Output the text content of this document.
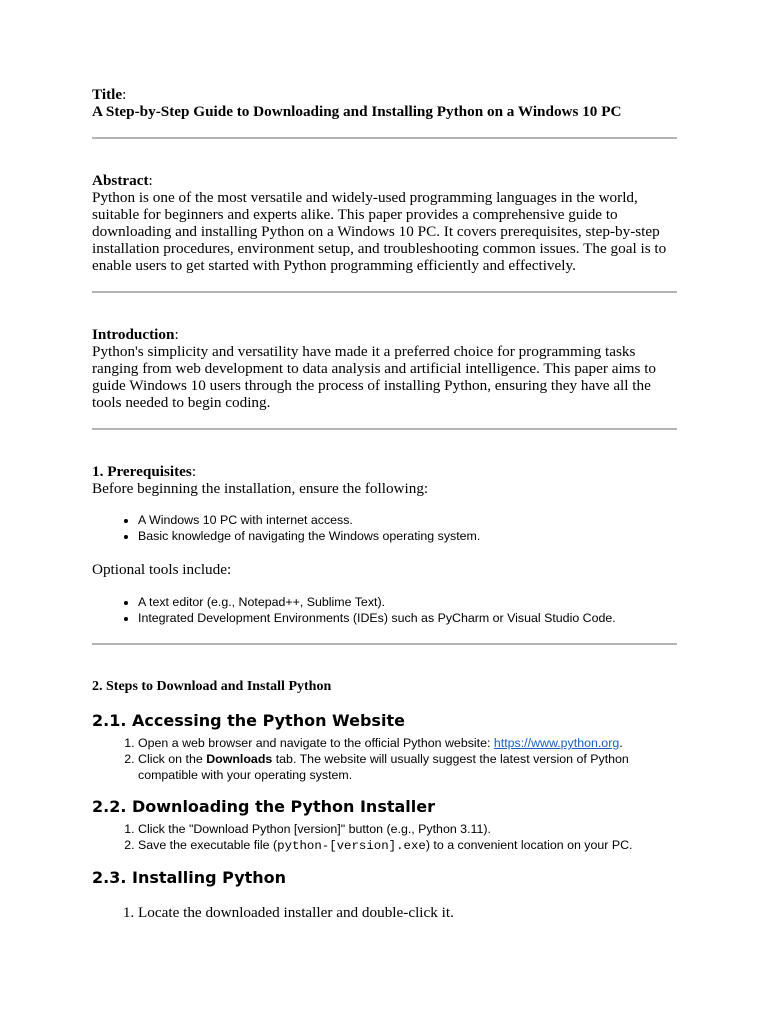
Title:

A Step-by-Step Guide to Downloading and Installing Python on a Windows 10 PC

Abstract:

Python is one of the most versatile and widely-used programming languages in the world, suitable for beginners and experts alike. This paper provides a comprehensive guide to downloading and installing Python on a Windows 10 PC. It covers prerequisites, step-by-step installation procedures, environment setup, and troubleshooting common issues. The goal is to enable users to get started with Python programming efficiently and effectively.

Introduction:

Python's simplicity and versatility have made it a preferred choice for programming tasks ranging from web development to data analysis and artificial intelligence. This paper aims to guide Windows 10 users through the process of installing Python, ensuring they have all the tools needed to begin coding.

1. Prerequisites:

Before beginning the installation, ensure the following:

• A Windows 10 PC with internet access.
• Basic knowledge of navigating the Windows operating system.

Optional tools include:

• A text editor (e.g., Notepad++, Sublime Text).
• Integrated Development Environments (IDEs) such as PyCharm or Visual Studio Code.

2. Steps to Download and Install Python

2.1. Accessing the Python Website
1. Open a web browser and navigate to the official Python website: https://www.python.org.
2. Click on the Downloads tab. The website will usually suggest the latest version of Python compatible with your operating system.
2.2. Downloading the Python Installer
1. Click the "Download Python [version]" button (e.g., Python 3.11).
2. Save the executable file (python-[version].exe) to a convenient location on your PC.
2.3. Installing Python
1. Locate the downloaded installer and double-click it.
